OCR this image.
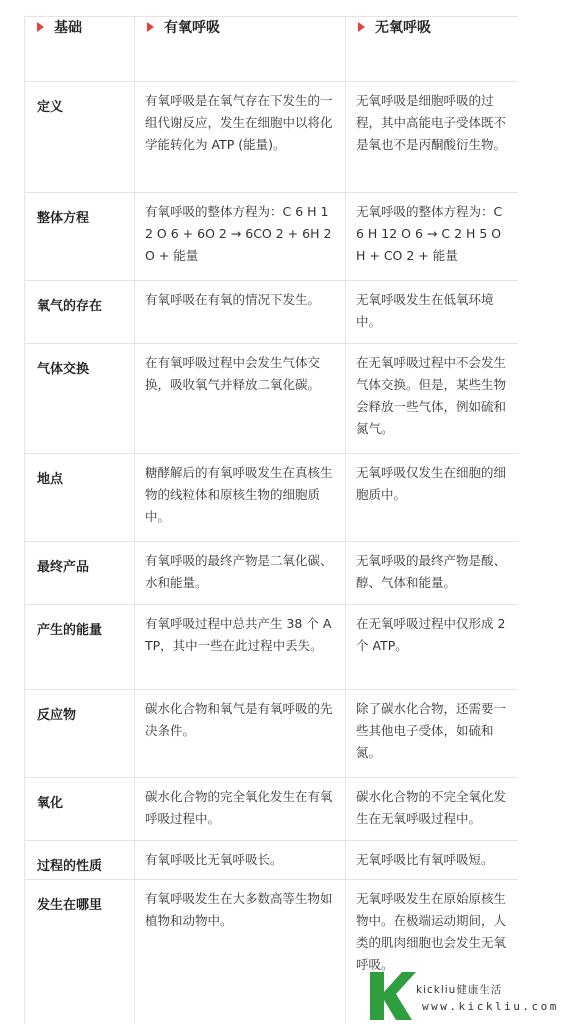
基础	有氧呼吸	无氧呼吸

定义	有氧呼吸是在氧气存在下发生的一组代谢反应，发生在细胞中以将化学能转化为 ATP (能量)。	无氧呼吸是细胞呼吸的过程，其中高能电子受体既不是氧也不是丙酮酸衍生物。

整体方程	有氧呼吸的整体方程为：C 6 H 12 O 6 + 6O 2 → 6CO 2 + 6H 2 O + 能量	无氧呼吸的整体方程为：C 6 H 12 O 6 → C 2 H 5 OH + CO 2 + 能量

氧气的存在	有氧呼吸在有氧的情况下发生。	无氧呼吸发生在低氧环境中。

气体交换	在有氧呼吸过程中会发生气体交换，吸收氧气并释放二氧化碳。	在无氧呼吸过程中不会发生气体交换。但是，某些生物会释放一些气体，例如硫和氮气。

地点	糖酵解后的有氧呼吸发生在真核生物的线粒体和原核生物的细胞质中。	无氧呼吸仅发生在细胞的细胞质中。

最终产品	有氧呼吸的最终产物是二氧化碳、水和能量。	无氧呼吸的最终产物是酸、醇、气体和能量。

产生的能量	有氧呼吸过程中总共产生 38 个 ATP，其中一些在此过程中丢失。	在无氧呼吸过程中仅形成 2 个 ATP。

反应物	碳水化合物和氧气是有氧呼吸的先决条件。	除了碳水化合物，还需要一些其他电子受体，如硫和氮。

氧化	碳水化合物的完全氧化发生在有氧呼吸过程中。	碳水化合物的不完全氧化发生在无氧呼吸过程中。

过程的性质	有氧呼吸比无氧呼吸长。	无氧呼吸比有氧呼吸短。

发生在哪里	有氧呼吸发生在大多数高等生物如植物和动物中。	无氧呼吸发生在原始原核生物中。在极端运动期间，人类的肌肉细胞也会发生无氧呼吸。
kickliu健康生活
www.kickliu.com
